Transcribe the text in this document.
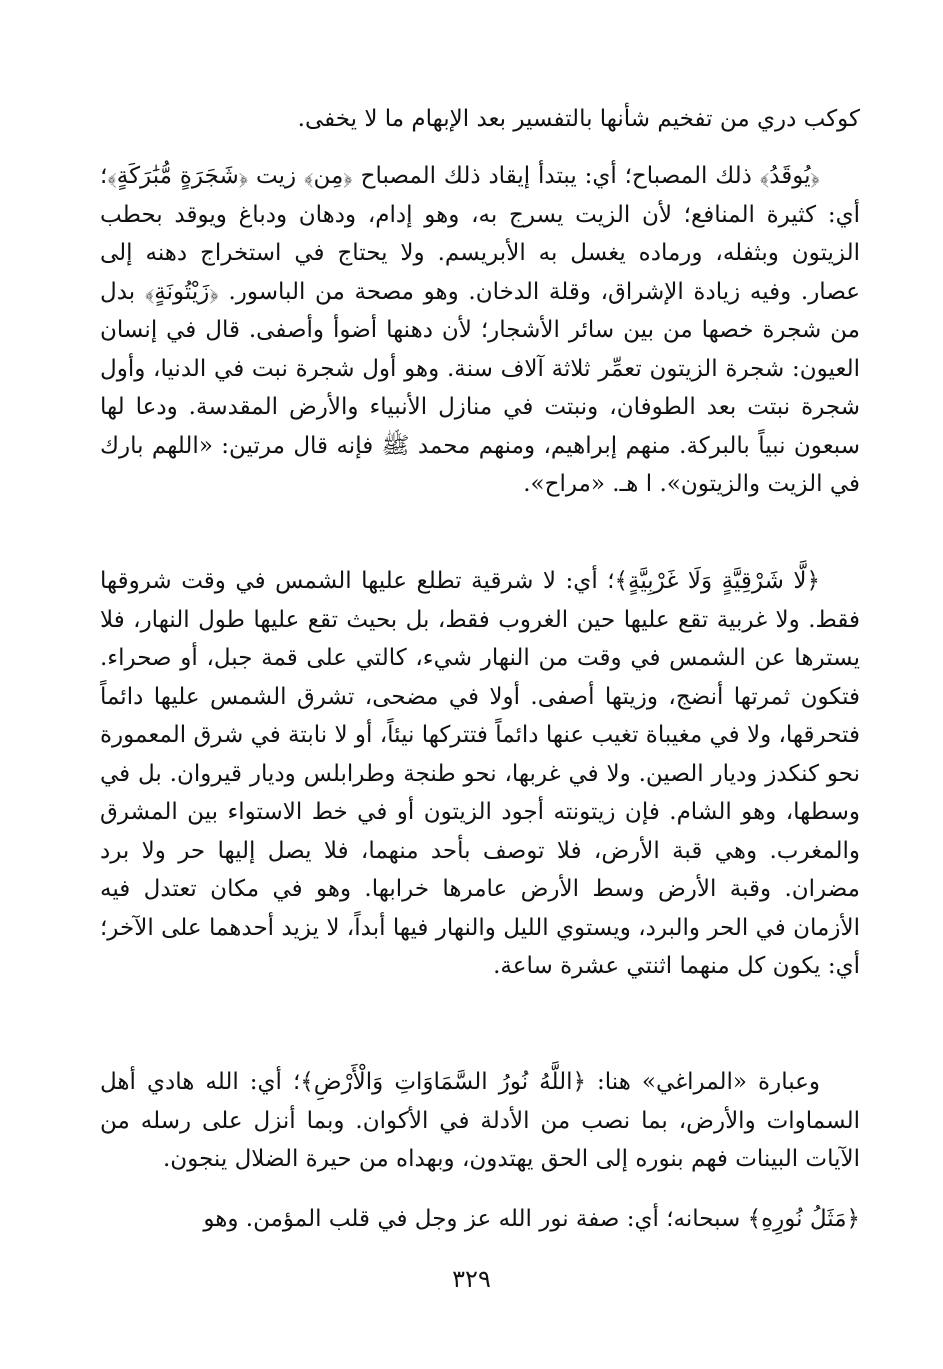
كوكب دري من تفخيم شأنها بالتفسير بعد الإبهام ما لا يخفى.

﴿يُوقَدُ﴾ ذلك المصباح؛ أي: يبتدأ إيقاد ذلك المصباح ﴿مِن﴾ زيت ﴿شَجَرَةٍ مُّبَٰرَكَةٍ﴾؛ أي: كثيرة المنافع؛ لأن الزيت يسرج به، وهو إدام، ودهان ودباغ ويوقد بحطب الزيتون وبثفله، ورماده يغسل به الأبريسم. ولا يحتاج في استخراج دهنه إلى عصار. وفيه زيادة الإشراق، وقلة الدخان. وهو مصحة من الباسور. ﴿زَيْتُونَةٍ﴾ بدل من شجرة خصها من بين سائر الأشجار؛ لأن دهنها أضوأ وأصفى. قال في إنسان العيون: شجرة الزيتون تعمِّر ثلاثة آلاف سنة. وهو أول شجرة نبت في الدنيا، وأول شجرة نبتت بعد الطوفان، ونبتت في منازل الأنبياء والأرض المقدسة. ودعا لها سبعون نبياً بالبركة. منهم إبراهيم، ومنهم محمد ﷺ فإنه قال مرتين: «اللهم بارك في الزيت والزيتون». ا هـ. «مراح».

﴿لَّا شَرْقِيَّةٍ وَلَا غَرْبِيَّةٍ﴾؛ أي: لا شرقية تطلع عليها الشمس في وقت شروقها فقط. ولا غربية تقع عليها حين الغروب فقط، بل بحيث تقع عليها طول النهار، فلا يسترها عن الشمس في وقت من النهار شيء، كالتي على قمة جبل، أو صحراء. فتكون ثمرتها أنضج، وزيتها أصفى. أولا في مضحى، تشرق الشمس عليها دائماً فتحرقها، ولا في مغيباة تغيب عنها دائماً فتتركها نيئاً، أو لا نابتة في شرق المعمورة نحو كنكدز وديار الصين. ولا في غربها، نحو طنجة وطرابلس وديار قيروان. بل في وسطها، وهو الشام. فإن زيتونته أجود الزيتون أو في خط الاستواء بين المشرق والمغرب. وهي قبة الأرض، فلا توصف بأحد منهما، فلا يصل إليها حر ولا برد مضران. وقبة الأرض وسط الأرض عامرها خرابها. وهو في مكان تعتدل فيه الأزمان في الحر والبرد، ويستوي الليل والنهار فيها أبداً، لا يزيد أحدهما على الآخر؛ أي: يكون كل منهما اثنتي عشرة ساعة.

وعبارة «المراغي» هنا: ﴿اللَّهُ نُورُ السَّمَاوَاتِ وَالْأَرْضِ﴾؛ أي: الله هادي أهل السماوات والأرض، بما نصب من الأدلة في الأكوان. وبما أنزل على رسله من الآيات البينات فهم بنوره إلى الحق يهتدون، وبهداه من حيرة الضلال ينجون.

﴿مَثَلُ نُورِهِ﴾ سبحانه؛ أي: صفة نور الله عز وجل في قلب المؤمن. وهو

٣٢٩
